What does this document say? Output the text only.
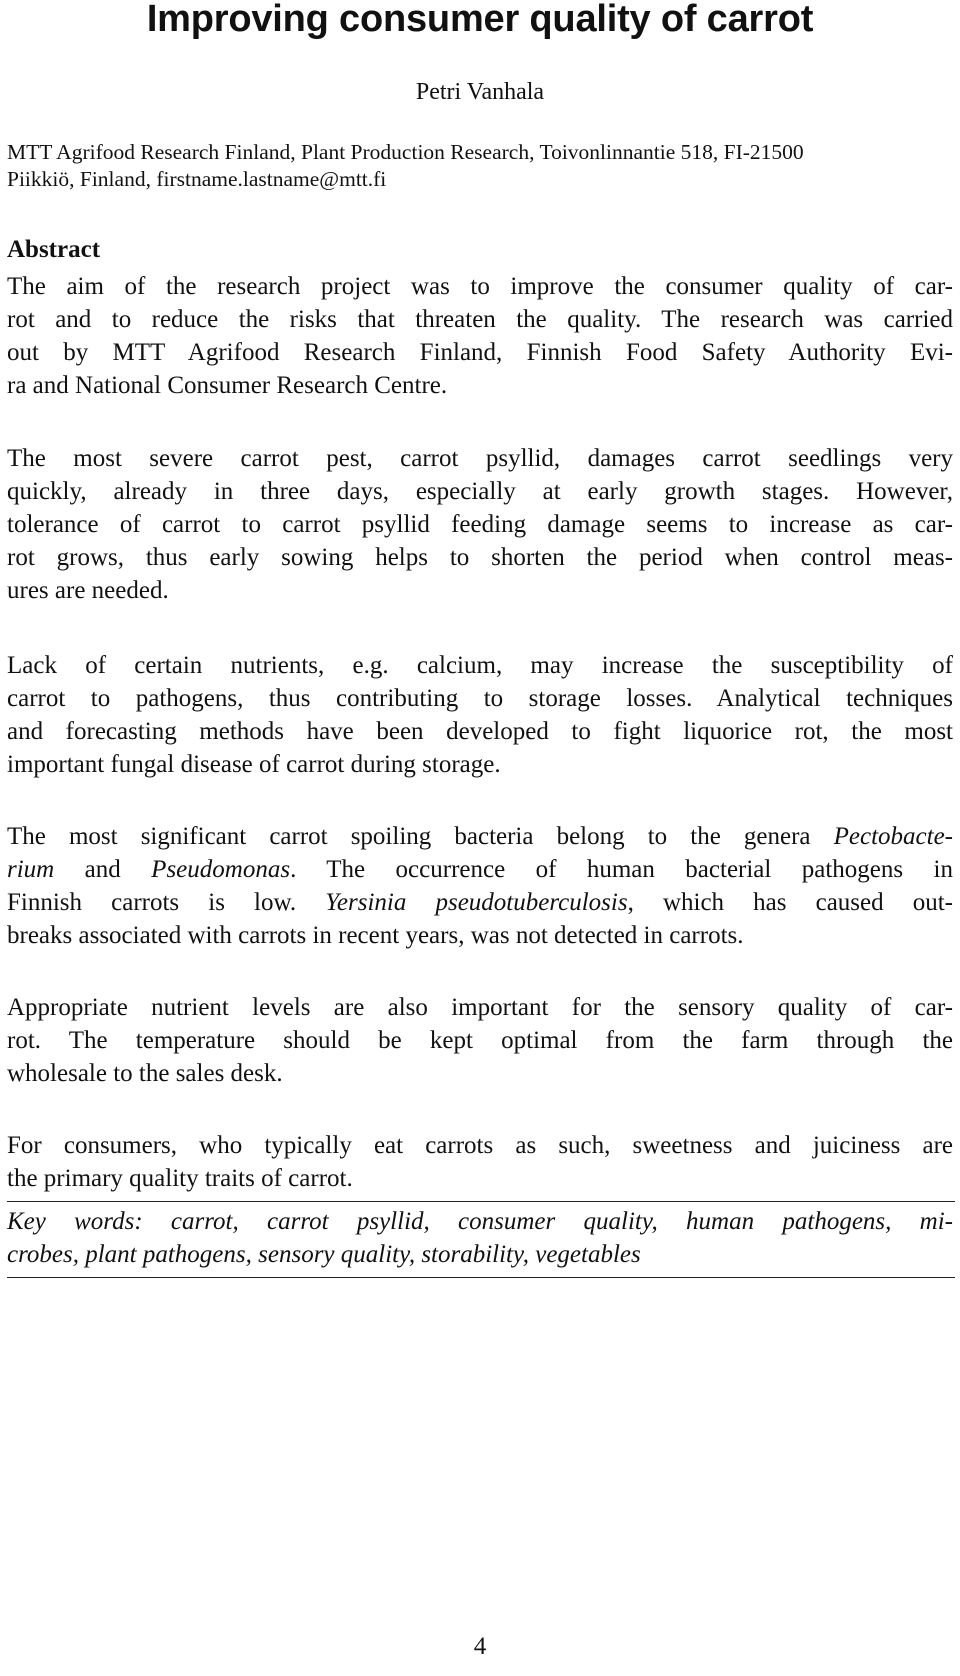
Improving consumer quality of carrot
Petri Vanhala
MTT Agrifood Research Finland, Plant Production Research, Toivonlinnantie 518, FI-21500
Piikkiö, Finland, firstname.lastname@mtt.fi
Abstract
The aim of the research project was to improve the consumer quality of car-
rot and to reduce the risks that threaten the quality. The research was carried
out by MTT Agrifood Research Finland, Finnish Food Safety Authority Evi-
ra and National Consumer Research Centre.
The most severe carrot pest, carrot psyllid, damages carrot seedlings very
quickly, already in three days, especially at early growth stages. However,
tolerance of carrot to carrot psyllid feeding damage seems to increase as car-
rot grows, thus early sowing helps to shorten the period when control meas-
ures are needed.
Lack of certain nutrients, e.g. calcium, may increase the susceptibility of
carrot to pathogens, thus contributing to storage losses. Analytical techniques
and forecasting methods have been developed to fight liquorice rot, the most
important fungal disease of carrot during storage.
The most significant carrot spoiling bacteria belong to the genera Pectobacte-
rium and Pseudomonas. The occurrence of human bacterial pathogens in
Finnish carrots is low. Yersinia pseudotuberculosis, which has caused out-
breaks associated with carrots in recent years, was not detected in carrots.
Appropriate nutrient levels are also important for the sensory quality of car-
rot. The temperature should be kept optimal from the farm through the
wholesale to the sales desk.
For consumers, who typically eat carrots as such, sweetness and juiciness are
the primary quality traits of carrot.
Key words: carrot, carrot psyllid, consumer quality, human pathogens, mi-
crobes, plant pathogens, sensory quality, storability, vegetables
4
